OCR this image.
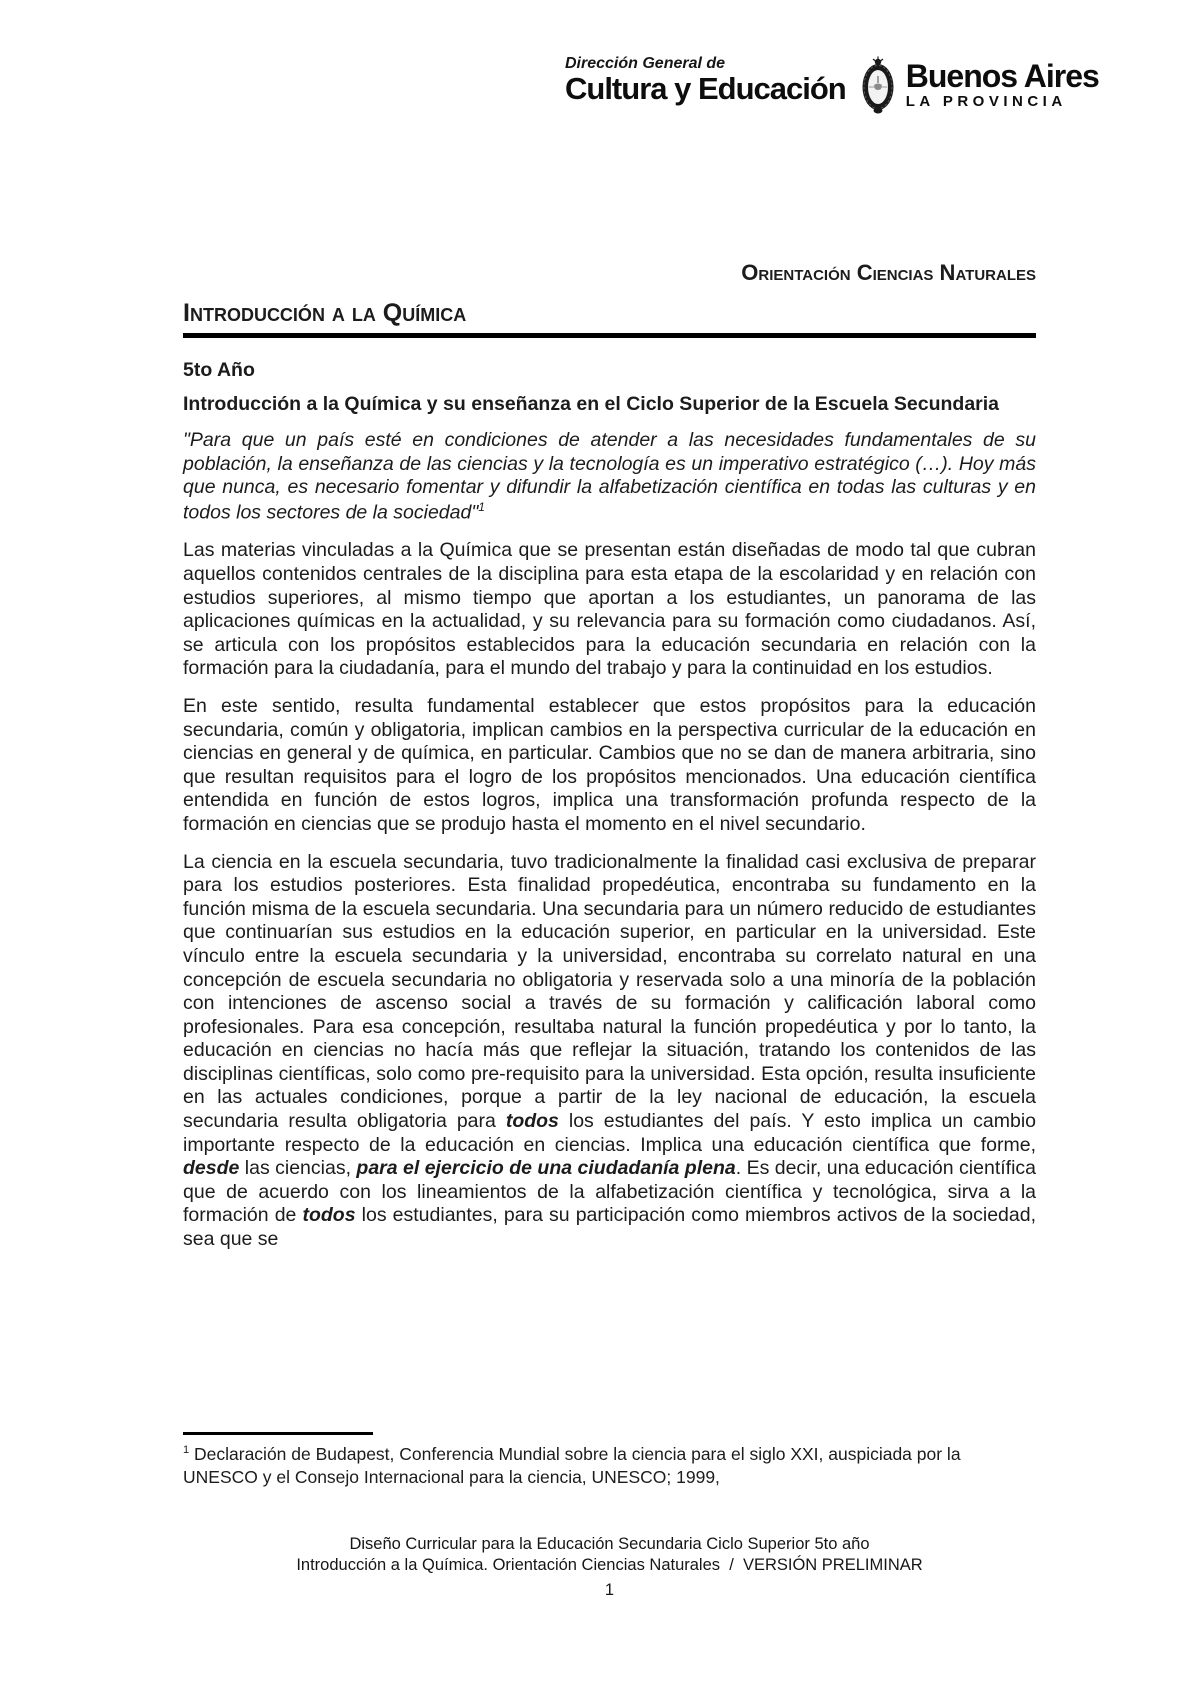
Dirección General de
Cultura y Educación Buenos Aires
LA PROVINCIA
Orientación Ciencias Naturales
Introducción a la Química
5to Año
Introducción a la Química y su enseñanza en el Ciclo Superior de la Escuela Secundaria

"Para que un país esté en condiciones de atender a las necesidades fundamentales de su población, la enseñanza de las ciencias y la tecnología es un imperativo estratégico (…). Hoy más que nunca, es necesario fomentar y difundir la alfabetización científica en todas las culturas y en todos los sectores de la sociedad"$^1$

Las materias vinculadas a la Química que se presentan están diseñadas de modo tal que cubran aquellos contenidos centrales de la disciplina para esta etapa de la escolaridad y en relación con estudios superiores, al mismo tiempo que aportan a los estudiantes, un panorama de las aplicaciones químicas en la actualidad, y su relevancia para su formación como ciudadanos. Así, se articula con los propósitos establecidos para la educación secundaria en relación con la formación para la ciudadanía, para el mundo del trabajo y para la continuidad en los estudios.

En este sentido, resulta fundamental establecer que estos propósitos para la educación secundaria, común y obligatoria, implican cambios en la perspectiva curricular de la educación en ciencias en general y de química, en particular. Cambios que no se dan de manera arbitraria, sino que resultan requisitos para el logro de los propósitos mencionados. Una educación científica entendida en función de estos logros, implica una transformación profunda respecto de la formación en ciencias que se produjo hasta el momento en el nivel secundario.

La ciencia en la escuela secundaria, tuvo tradicionalmente la finalidad casi exclusiva de preparar para los estudios posteriores. Esta finalidad propedéutica, encontraba su fundamento en la función misma de la escuela secundaria. Una secundaria para un número reducido de estudiantes que continuarían sus estudios en la educación superior, en particular en la universidad. Este vínculo entre la escuela secundaria y la universidad, encontraba su correlato natural en una concepción de escuela secundaria no obligatoria y reservada solo a una minoría de la población con intenciones de ascenso social a través de su formación y calificación laboral como profesionales. Para esa concepción, resultaba natural la función propedéutica y por lo tanto, la educación en ciencias no hacía más que reflejar la situación, tratando los contenidos de las disciplinas científicas, solo como pre-requisito para la universidad. Esta opción, resulta insuficiente en las actuales condiciones, porque a partir de la ley nacional de educación, la escuela secundaria resulta obligatoria para todos los estudiantes del país. Y esto implica un cambio importante respecto de la educación en ciencias. Implica una educación científica que forme, desde las ciencias, para el ejercicio de una ciudadanía plena. Es decir, una educación científica que de acuerdo con los lineamientos de la alfabetización científica y tecnológica, sirva a la formación de todos los estudiantes, para su participación como miembros activos de la sociedad, sea que se

$^1$ Declaración de Budapest, Conferencia Mundial sobre la ciencia para el siglo XXI, auspiciada por la UNESCO y el Consejo Internacional para la ciencia, UNESCO; 1999,

Diseño Curricular para la Educación Secundaria Ciclo Superior 5to año
Introducción a la Química. Orientación Ciencias Naturales  /  VERSIÓN PRELIMINAR
1
